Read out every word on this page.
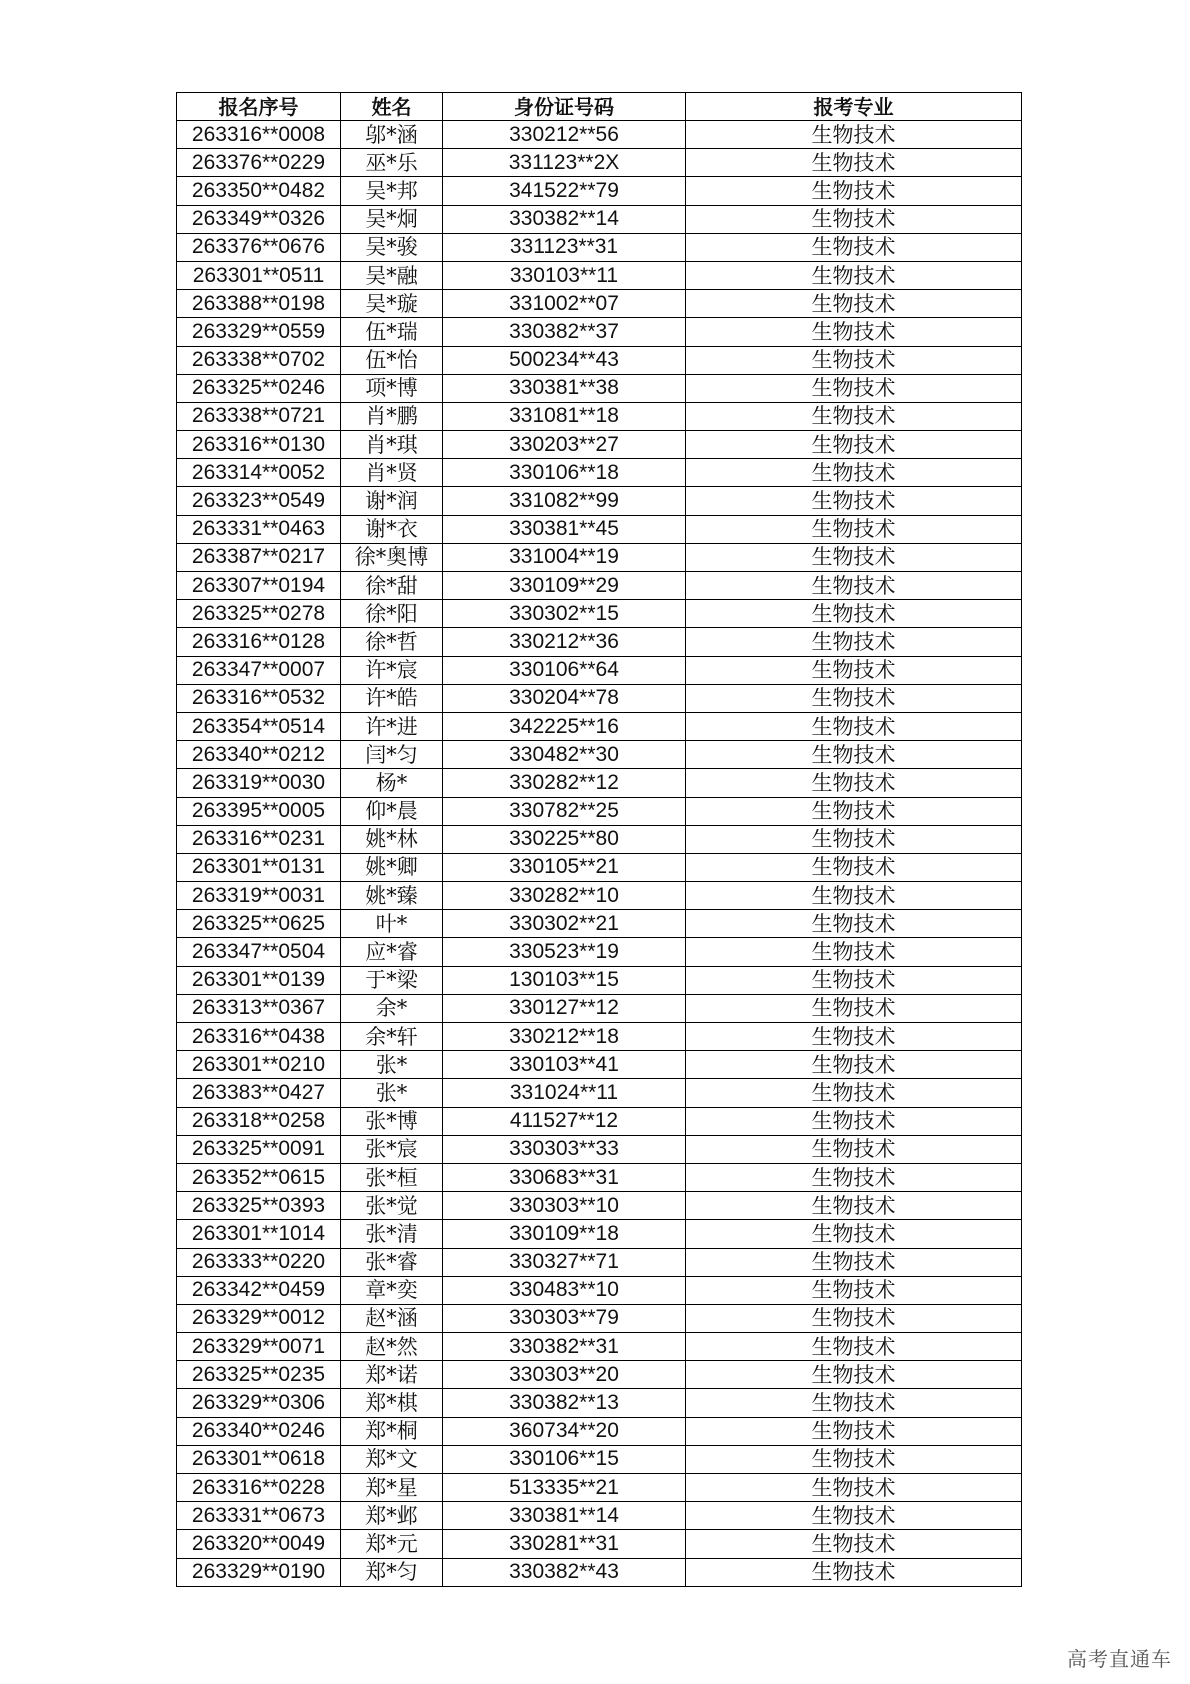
报名序号	姓名	身份证号码	报考专业
263316**0008	邬*涵	330212**56	生物技术
263376**0229	巫*乐	331123**2X	生物技术
263350**0482	吴*邦	341522**79	生物技术
263349**0326	吴*炯	330382**14	生物技术
263376**0676	吴*骏	331123**31	生物技术
263301**0511	吴*融	330103**11	生物技术
263388**0198	吴*璇	331002**07	生物技术
263329**0559	伍*瑞	330382**37	生物技术
263338**0702	伍*怡	500234**43	生物技术
263325**0246	项*博	330381**38	生物技术
263338**0721	肖*鹏	331081**18	生物技术
263316**0130	肖*琪	330203**27	生物技术
263314**0052	肖*贤	330106**18	生物技术
263323**0549	谢*润	331082**99	生物技术
263331**0463	谢*衣	330381**45	生物技术
263387**0217	徐*奥博	331004**19	生物技术
263307**0194	徐*甜	330109**29	生物技术
263325**0278	徐*阳	330302**15	生物技术
263316**0128	徐*哲	330212**36	生物技术
263347**0007	许*宸	330106**64	生物技术
263316**0532	许*皓	330204**78	生物技术
263354**0514	许*进	342225**16	生物技术
263340**0212	闫*匀	330482**30	生物技术
263319**0030	杨*	330282**12	生物技术
263395**0005	仰*晨	330782**25	生物技术
263316**0231	姚*林	330225**80	生物技术
263301**0131	姚*卿	330105**21	生物技术
263319**0031	姚*臻	330282**10	生物技术
263325**0625	叶*	330302**21	生物技术
263347**0504	应*睿	330523**19	生物技术
263301**0139	于*梁	130103**15	生物技术
263313**0367	余*	330127**12	生物技术
263316**0438	余*轩	330212**18	生物技术
263301**0210	张*	330103**41	生物技术
263383**0427	张*	331024**11	生物技术
263318**0258	张*博	411527**12	生物技术
263325**0091	张*宸	330303**33	生物技术
263352**0615	张*桓	330683**31	生物技术
263325**0393	张*觉	330303**10	生物技术
263301**1014	张*清	330109**18	生物技术
263333**0220	张*睿	330327**71	生物技术
263342**0459	章*奕	330483**10	生物技术
263329**0012	赵*涵	330303**79	生物技术
263329**0071	赵*然	330382**31	生物技术
263325**0235	郑*诺	330303**20	生物技术
263329**0306	郑*棋	330382**13	生物技术
263340**0246	郑*桐	360734**20	生物技术
263301**0618	郑*文	330106**15	生物技术
263316**0228	郑*星	513335**21	生物技术
263331**0673	郑*邺	330381**14	生物技术
263320**0049	郑*元	330281**31	生物技术
263329**0190	郑*匀	330382**43	生物技术
高考直通车
